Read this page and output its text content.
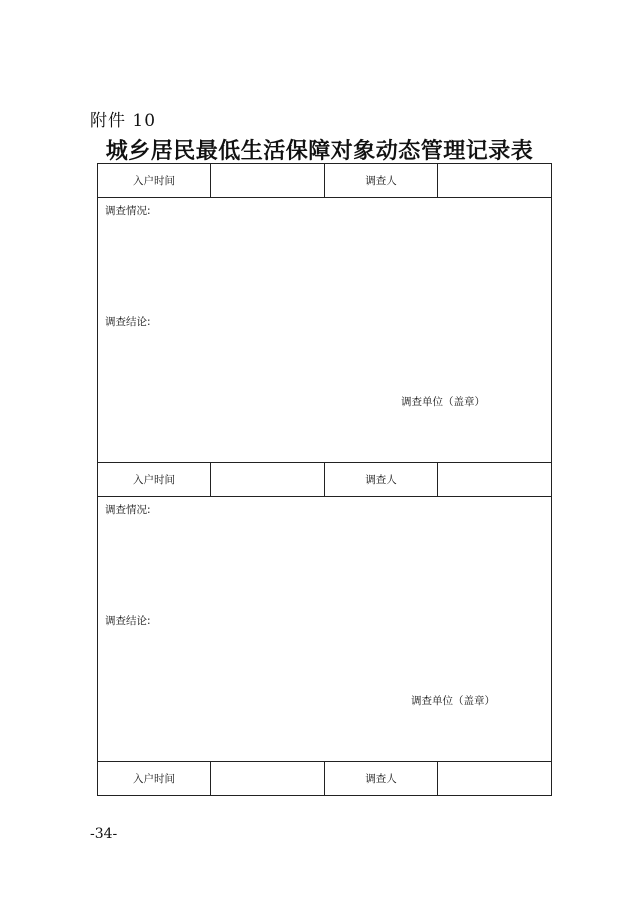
附件 10
城乡居民最低生活保障对象动态管理记录表
入户时间		调查人	

调查情况:
调查结论:
调查单位（盖章）			

入户时间		调查人	

调查情况:
调查结论:
调查单位（盖章）			

入户时间		调查人	
-34-
